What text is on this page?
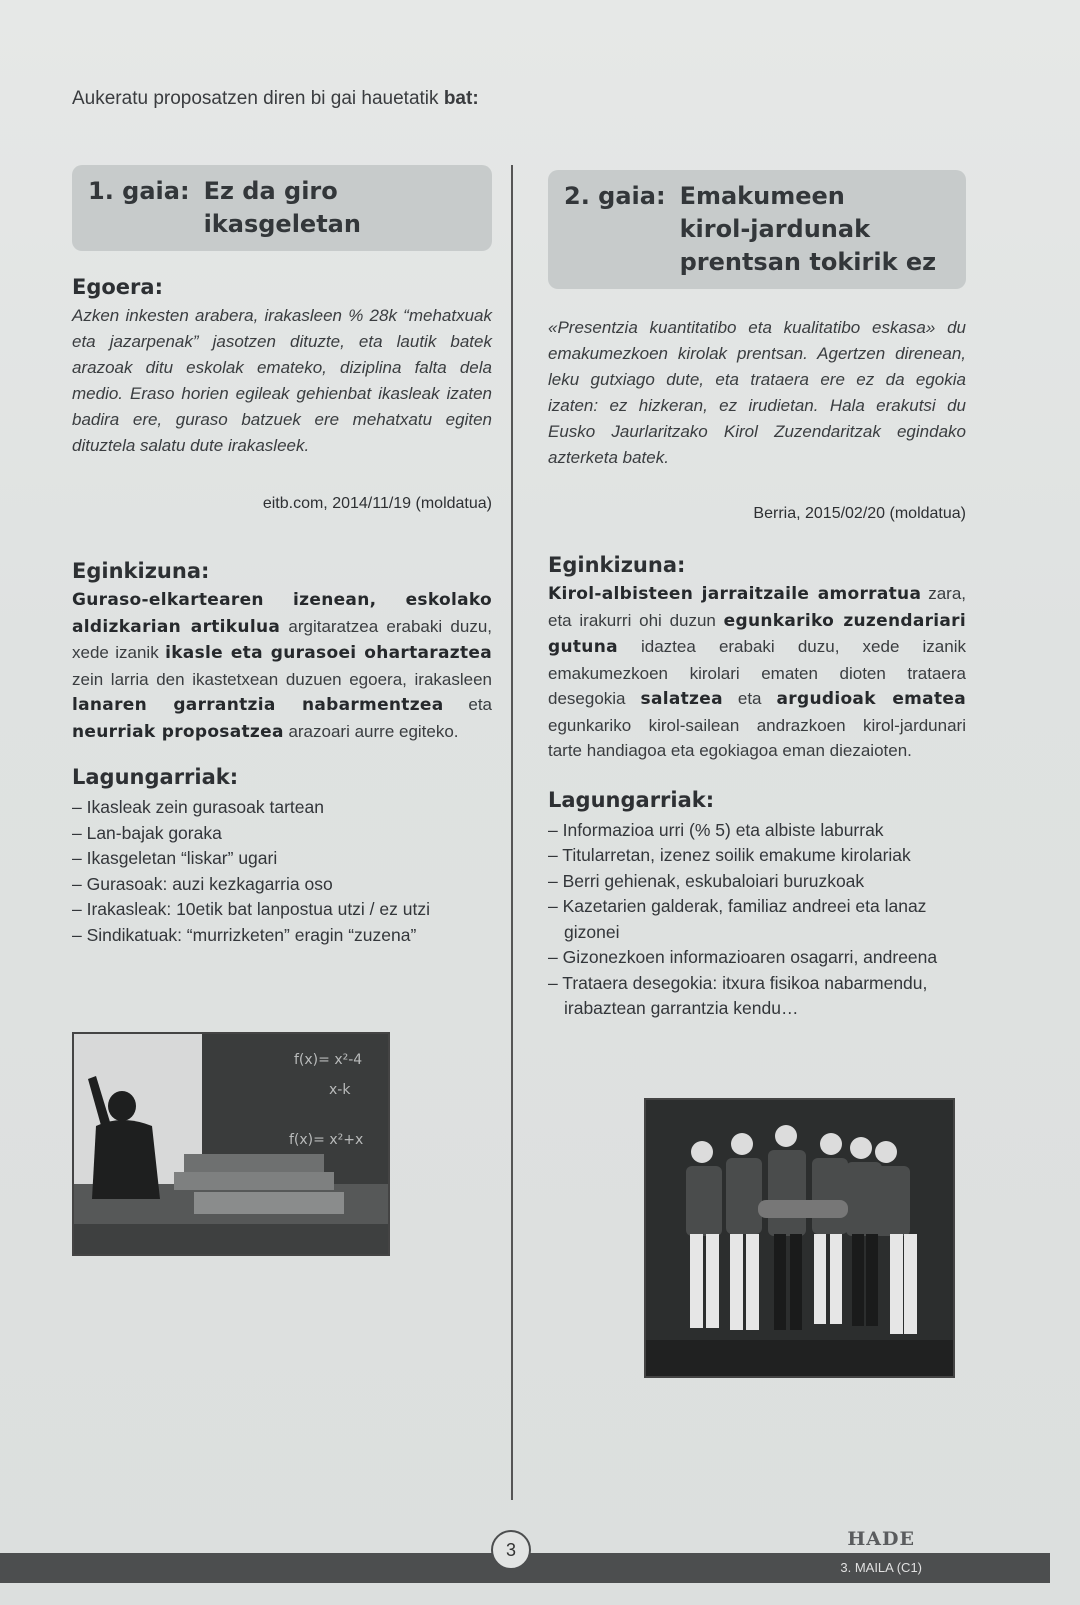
Aukeratu proposatzen diren bi gai hauetatik bat:
1. gaia: Ez da giro
ikasgeletan
Egoera:
Azken inkesten arabera, irakasleen % 28k “mehatxuak eta jazarpenak” jasotzen dituzte, eta lautik batek arazoak ditu eskolak emateko, diziplina falta dela medio. Eraso horien egileak gehienbat ikasleak izaten badira ere, guraso batzuek ere mehatxatu egiten dituztela salatu dute irakasleek.
eitb.com, 2014/11/19 (moldatua)
Eginkizuna:
Guraso-elkartearen izenean, eskolako aldizkarian artikulua argitaratzea erabaki duzu, xede izanik ikasle eta gurasoei ohartaraztea zein larria den ikastetxean duzuen egoera, irakasleen lanaren garrantzia nabarmentzea eta neurriak proposatzea arazoari aurre egiteko.
Lagungarriak:
– Ikasleak zein gurasoak tartean
– Lan-bajak goraka
– Ikasgeletan “liskar” ugari
– Gurasoak: auzi kezkagarria oso
– Irakasleak: 10etik bat lanpostua utzi / ez utzi
– Sindikatuak: “murrizketen” eragin “zuzena”
f(x)= x²-4
x-k
f(x)= x²+x
2. gaia: Emakumeen
kirol-jardunak
prentsan tokirik ez
«Presentzia kuantitatibo eta kualitatibo eskasa» du emakumezkoen kirolak prentsan. Agertzen direnean, leku gutxiago dute, eta trataera ere ez da egokia izaten: ez hizkeran, ez irudietan. Hala erakutsi du Eusko Jaurlaritzako Kirol Zuzendaritzak egindako azterketa batek.
Berria, 2015/02/20 (moldatua)
Eginkizuna:
Kirol-albisteen jarraitzaile amorratua zara, eta irakurri ohi duzun egunkariko zuzendariari gutuna idaztea erabaki duzu, xede izanik emakumezkoen kirolari ematen dioten trataera desegokia salatzea eta argudioak ematea egunkariko kirol-sailean andrazkoen kirol-jardunari tarte handiagoa eta egokiagoa eman diezaioten.
Lagungarriak:
– Informazioa urri (% 5) eta albiste laburrak
– Titularretan, izenez soilik emakume kirolariak
– Berri gehienak, eskubaloiari buruzkoak
– Kazetarien galderak, familiaz andreei eta lanaz gizonei
– Gizonezkoen informazioaren osagarri, andreena
– Trataera desegokia: itxura fisikoa nabarmendu, irabaztean garrantzia kendu…
3	HADE
3. MAILA (C1)
